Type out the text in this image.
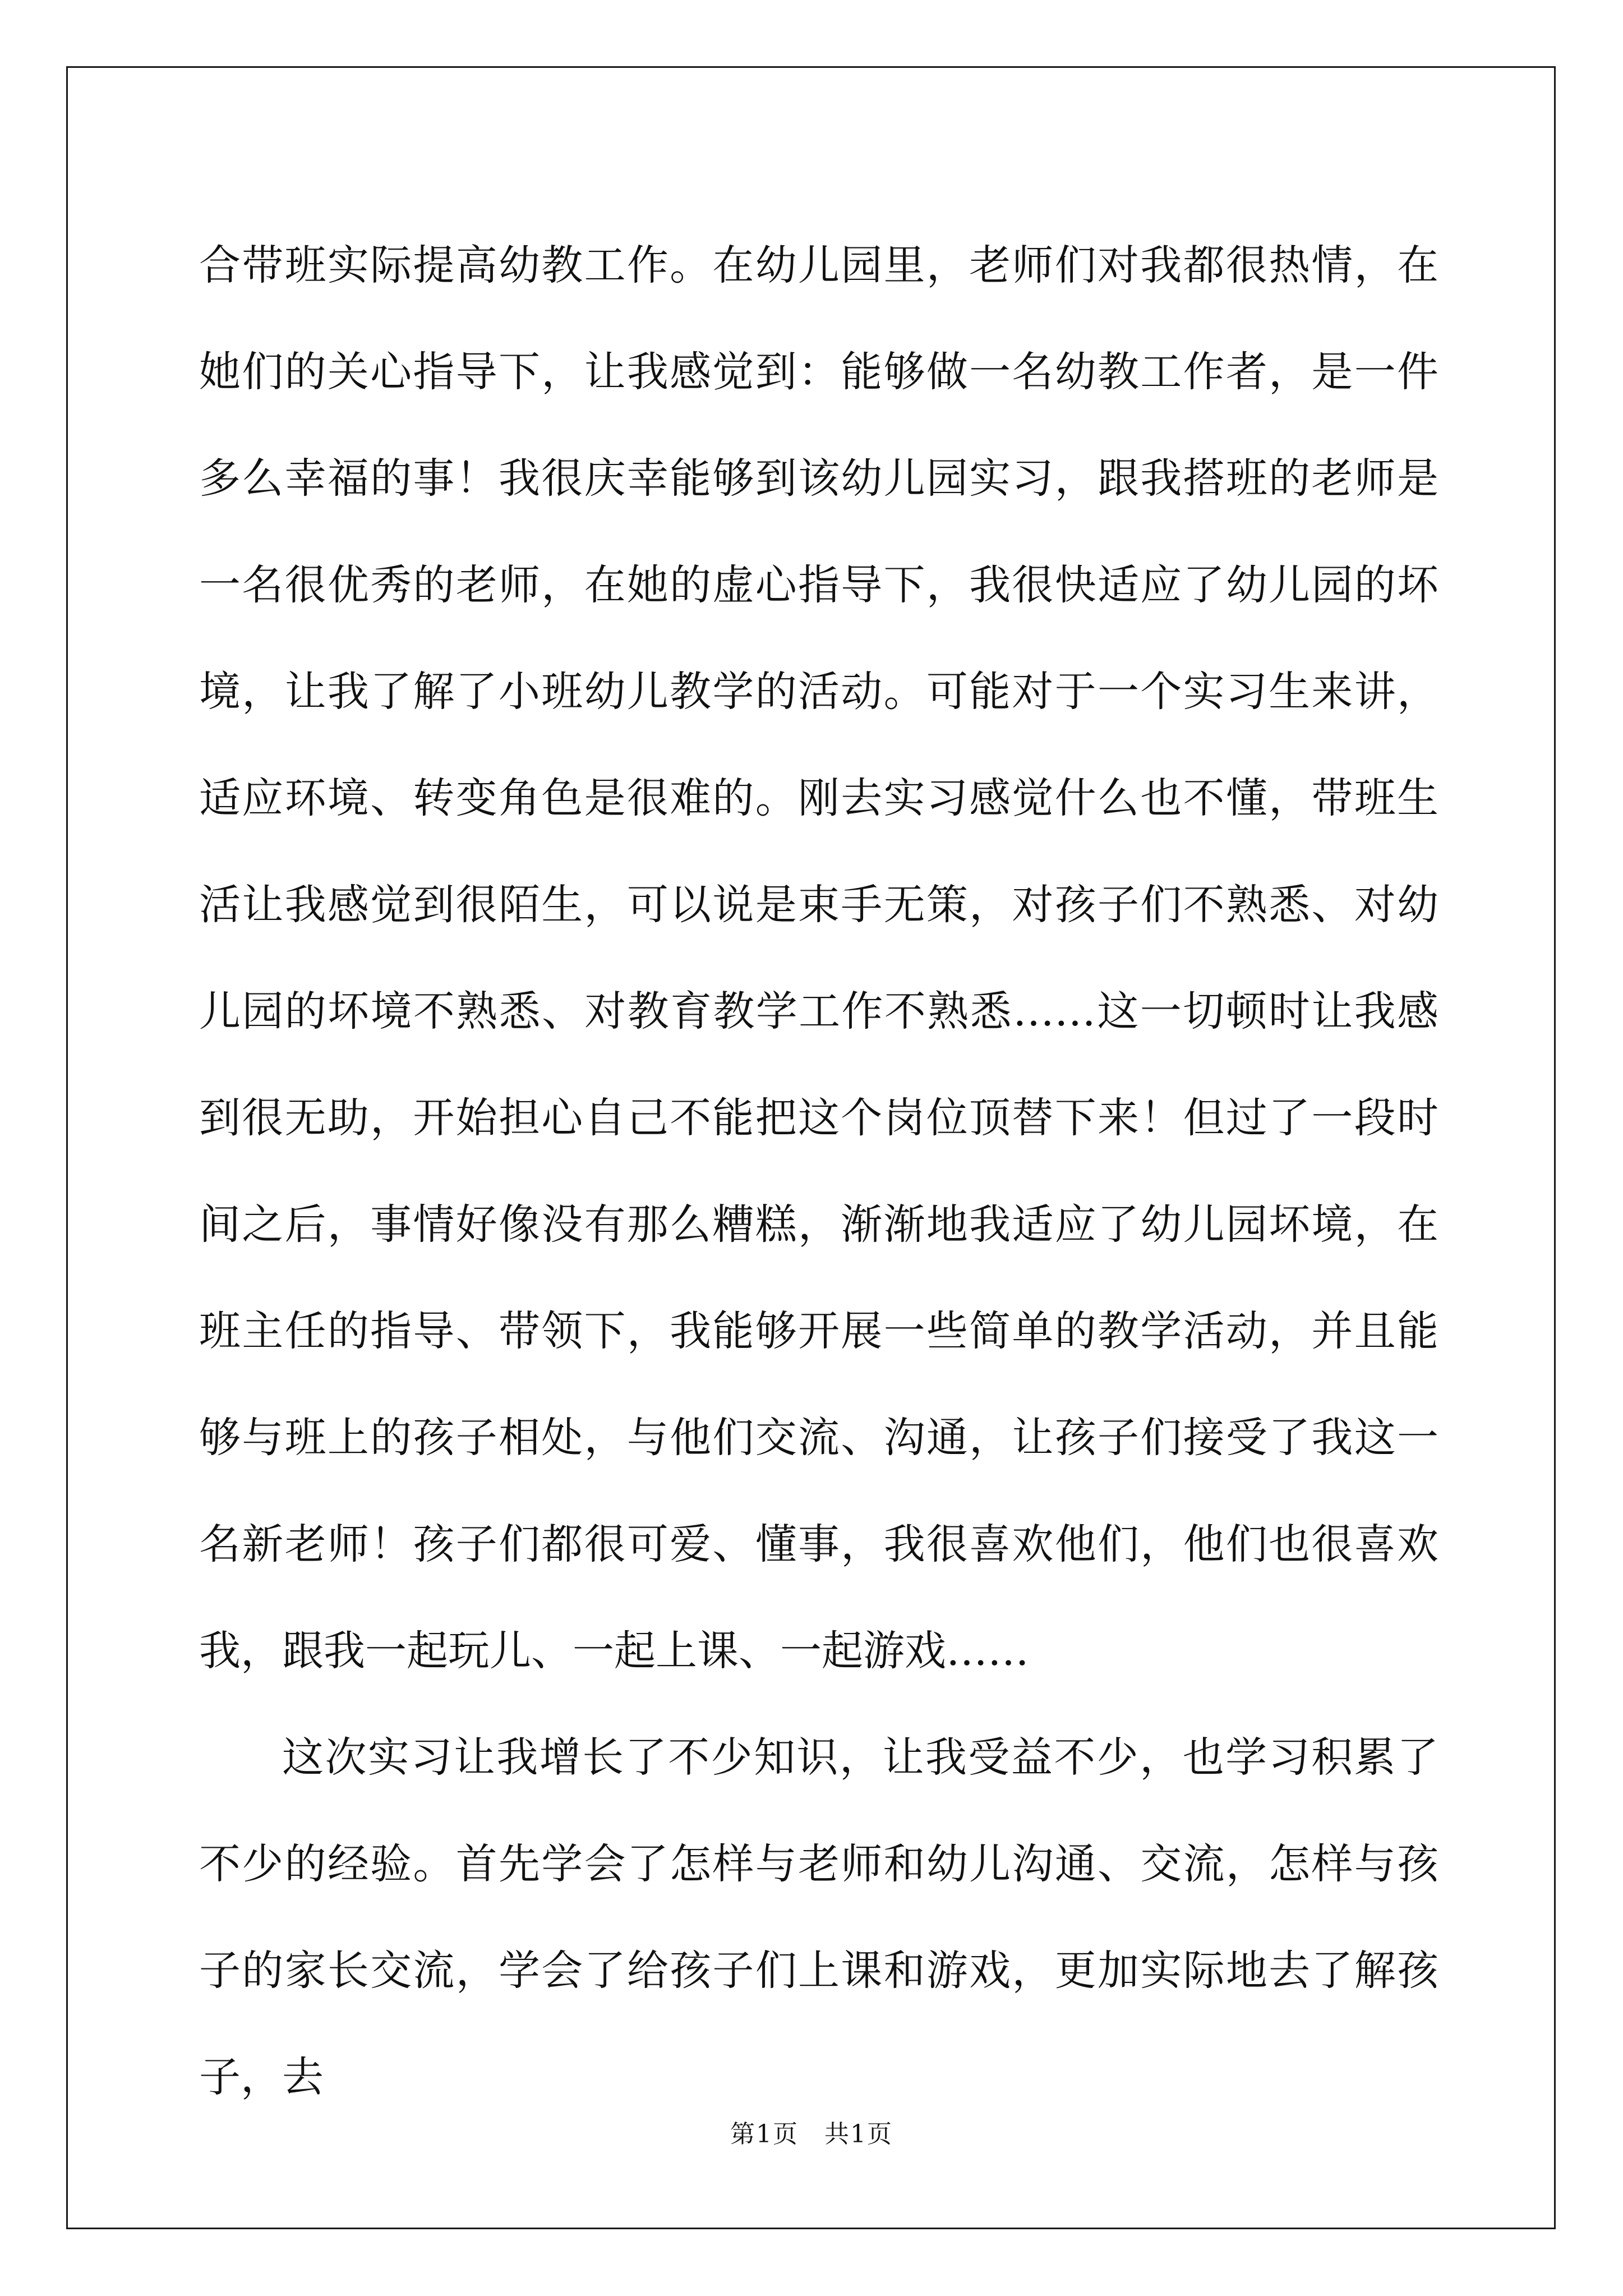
合带班实际提高幼教工作。在幼儿园里，老师们对我都很热情，在她们的关心指导下，让我感觉到：能够做一名幼教工作者，是一件多么幸福的事！我很庆幸能够到该幼儿园实习，跟我搭班的老师是一名很优秀的老师，在她的虚心指导下，我很快适应了幼儿园的坏境，让我了解了小班幼儿教学的活动。可能对于一个实习生来讲，适应环境、转变角色是很难的。刚去实习感觉什么也不懂，带班生活让我感觉到很陌生，可以说是束手无策，对孩子们不熟悉、对幼儿园的坏境不熟悉、对教育教学工作不熟悉……这一切顿时让我感到很无助，开始担心自己不能把这个岗位顶替下来！但过了一段时间之后，事情好像没有那么糟糕，渐渐地我适应了幼儿园坏境，在班主任的指导、带领下，我能够开展一些简单的教学活动，并且能够与班上的孩子相处，与他们交流、沟通，让孩子们接受了我这一名新老师！孩子们都很可爱、懂事，我很喜欢他们，他们也很喜欢我，跟我一起玩儿、一起上课、一起游戏……

这次实习让我增长了不少知识，让我受益不少，也学习积累了不少的经验。首先学会了怎样与老师和幼儿沟通、交流，怎样与孩子的家长交流，学会了给孩子们上课和游戏，更加实际地去了解孩子，去

第1页　共1页
